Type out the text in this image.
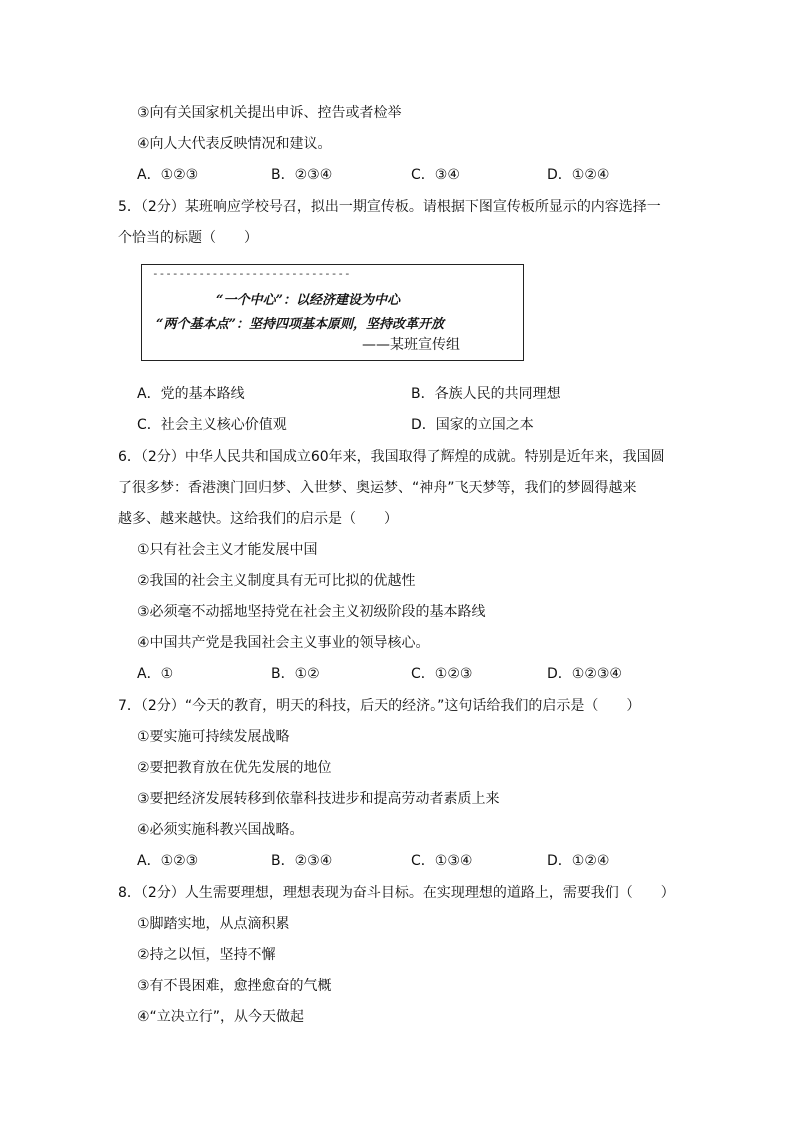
③向有关国家机关提出申诉、控告或者检举
④向人大代表反映情况和建议。
A．①②③	B．②③④	C．③④	D．①②④
5．（2分）某班响应学校号召，拟出一期宣传板。请根据下图宣传板所显示的内容选择一
个恰当的标题（　　）
------------------------------
“一个中心”：以经济建设为中心
“两个基本点”：坚持四项基本原则，坚持改革开放
——某班宣传组
A．党的基本路线	B．各族人民的共同理想
C．社会主义核心价值观	D．国家的立国之本
6．（2分）中华人民共和国成立60年来，我国取得了辉煌的成就。特别是近年来，我国圆
了很多梦：香港澳门回归梦、入世梦、奥运梦、“神舟”飞天梦等，我们的梦圆得越来
越多、越来越快。这给我们的启示是（　　）
①只有社会主义才能发展中国
②我国的社会主义制度具有无可比拟的优越性
③必须毫不动摇地坚持党在社会主义初级阶段的基本路线
④中国共产党是我国社会主义事业的领导核心。
A．①	B．①②	C．①②③	D．①②③④
7．（2分）“今天的教育，明天的科技，后天的经济。”这句话给我们的启示是（　　）
①要实施可持续发展战略
②要把教育放在优先发展的地位
③要把经济发展转移到依靠科技进步和提高劳动者素质上来
④必须实施科教兴国战略。
A．①②③	B．②③④	C．①③④	D．①②④
8．（2分）人生需要理想，理想表现为奋斗目标。在实现理想的道路上，需要我们（　　）
①脚踏实地，从点滴积累
②持之以恒，坚持不懈
③有不畏困难，愈挫愈奋的气概
④“立决立行”，从今天做起
